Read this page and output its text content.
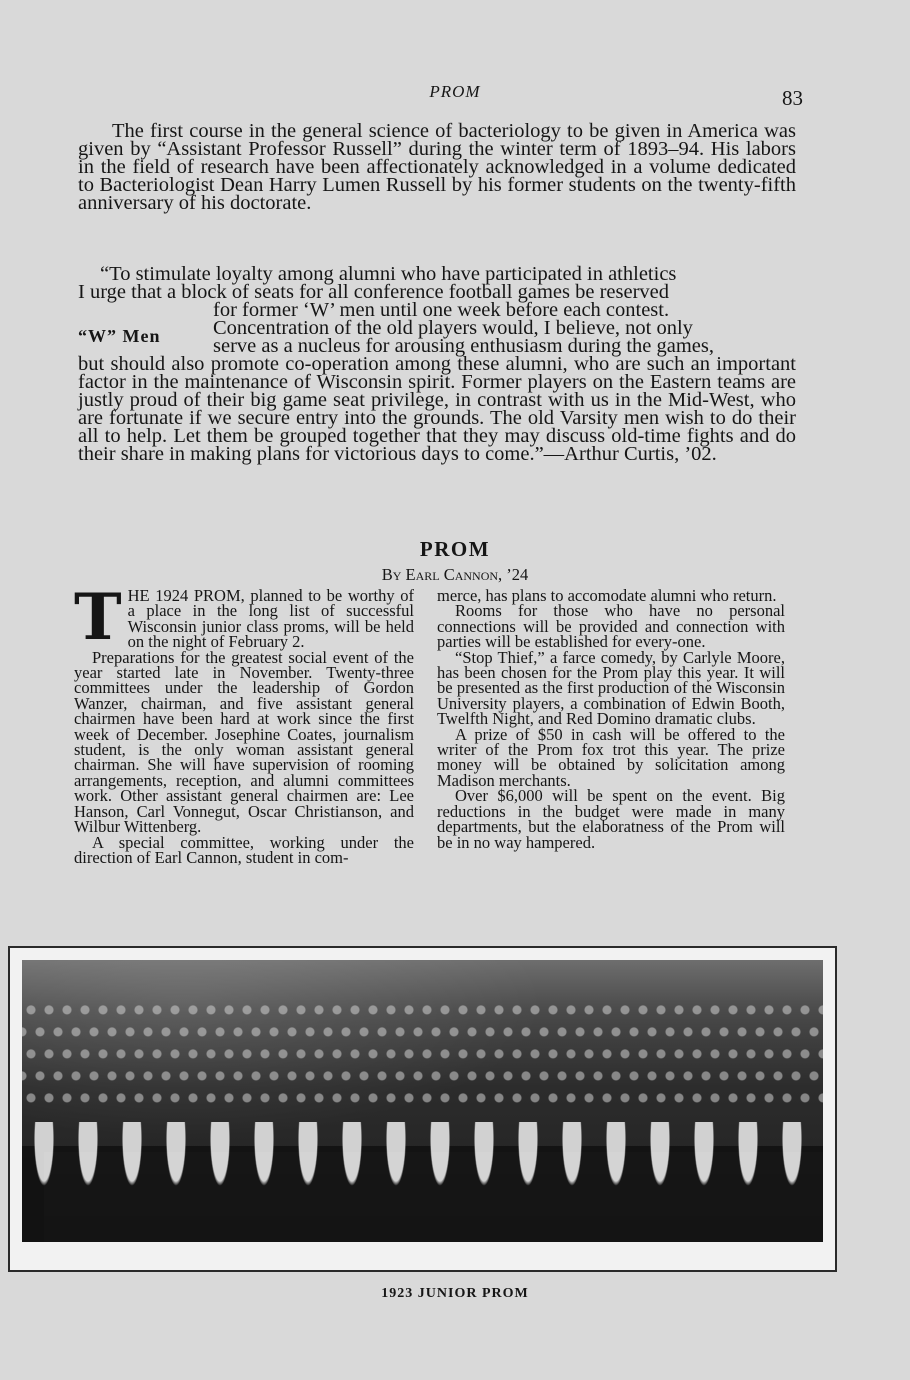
PROM	83

The first course in the general science of bacteriology to be given in America was given by “Assistant Professor Russell” during the winter term of 1893–94. His labors in the field of research have been affectionately acknowledged in a volume dedicated to Bacteriologist Dean Harry Lumen Russell by his former students on the twenty-fifth anniversary of his doctorate.

“W” Men
“To stimulate loyalty among alumni who have participated in athletics
I urge that a block of seats for all conference football games be reserved
for former ‘W’ men until one week before each contest.
Concentration of the old players would, I believe, not only
serve as a nucleus for arousing enthusiasm during the games,
but should also promote co-operation among these alumni, who are such an important factor in the maintenance of Wisconsin spirit. Former players on the Eastern teams are justly proud of their big game seat privilege, in contrast with us in the Mid-West, who are fortunate if we secure entry into the grounds. The old Varsity men wish to do their all to help. Let them be grouped together that they may discuss old-time fights and do their share in making plans for victorious days to come.”—Arthur Curtis, ’02.
PROM
By Earl Cannon, ’24

THE 1924 PROM, planned to be worthy of a place in the long list of successful Wisconsin junior class proms, will be held on the night of February 2.

Preparations for the greatest social event of the year started late in November. Twenty-three committees under the leadership of Gordon Wanzer, chairman, and five assistant general chairmen have been hard at work since the first week of December. Josephine Coates, journalism student, is the only woman assistant general chairman. She will have supervision of rooming arrangements, reception, and alumni committees work. Other assistant general chairmen are: Lee Hanson, Carl Vonnegut, Oscar Christianson, and Wilbur Wittenberg.

A special committee, working under the direction of Earl Cannon, student in com-

merce, has plans to accomodate alumni who return.

Rooms for those who have no personal connections will be provided and connection with parties will be established for every-one.

“Stop Thief,” a farce comedy, by Carlyle Moore, has been chosen for the Prom play this year. It will be presented as the first production of the Wisconsin University players, a combination of Edwin Booth, Twelfth Night, and Red Domino dramatic clubs.

A prize of $50 in cash will be offered to the writer of the Prom fox trot this year. The prize money will be obtained by solicitation among Madison merchants.

Over $6,000 will be spent on the event. Big reductions in the budget were made in many departments, but the elaboratness of the Prom will be in no way hampered.

1923 JUNIOR PROM
